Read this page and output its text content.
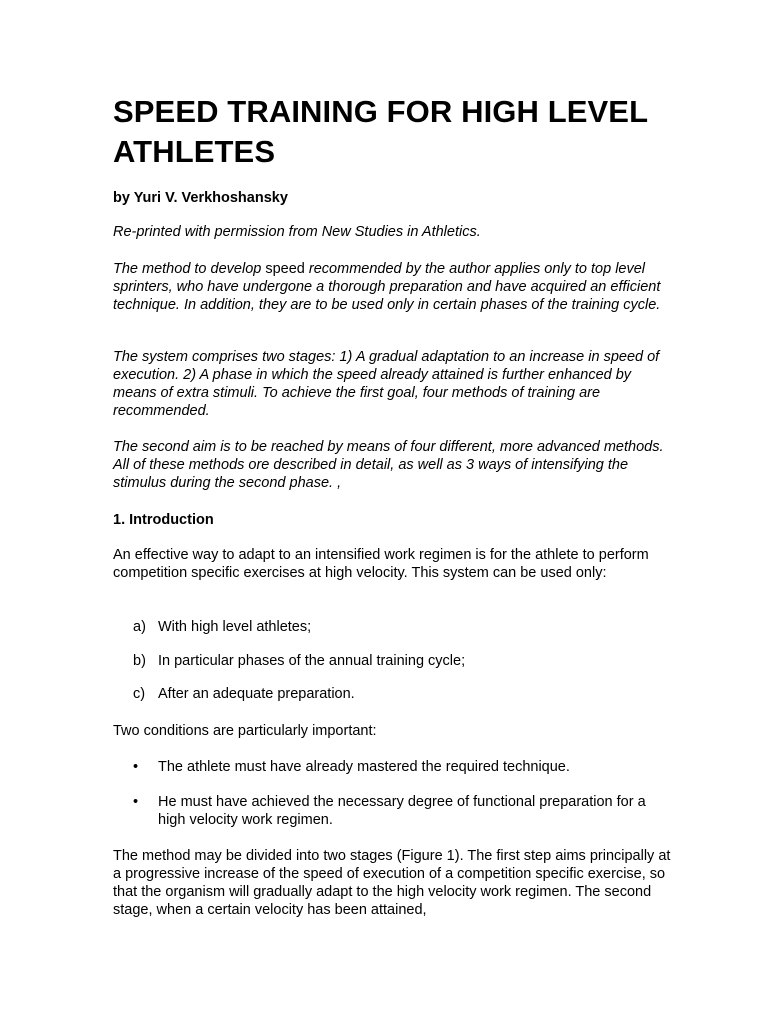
SPEED TRAINING FOR HIGH LEVEL ATHLETES

by Yuri V. Verkhoshansky

Re-printed with permission from New Studies in Athletics.

The method to develop speed recommended by the author applies only to top level sprinters, who have undergone a thorough preparation and have acquired an efficient technique. In addition, they are to be used only in certain phases of the training cycle.

The system comprises two stages: 1) A gradual adaptation to an increase in speed of execution. 2) A phase in which the speed already attained is further enhanced by means of extra stimuli. To achieve the first goal, four methods of training are recommended.

The second aim is to be reached by means of four different, more advanced methods. All of these methods ore described in detail, as well as 3 ways of intensifying the stimulus during the second phase. ,

1. Introduction

An effective way to adapt to an intensified work regimen is for the athlete to perform competition specific exercises at high velocity. This system can be used only:

a) With high level athletes;
b) In particular phases of the annual training cycle;
c) After an adequate preparation.

Two conditions are particularly important:

• The athlete must have already mastered the required technique.
• He must have achieved the necessary degree of functional preparation for a high velocity work regimen.

The method may be divided into two stages (Figure 1). The first step aims principally at a progressive increase of the speed of execution of a competition specific exercise, so that the organism will gradually adapt to the high velocity work regimen. The second stage, when a certain velocity has been attained,
